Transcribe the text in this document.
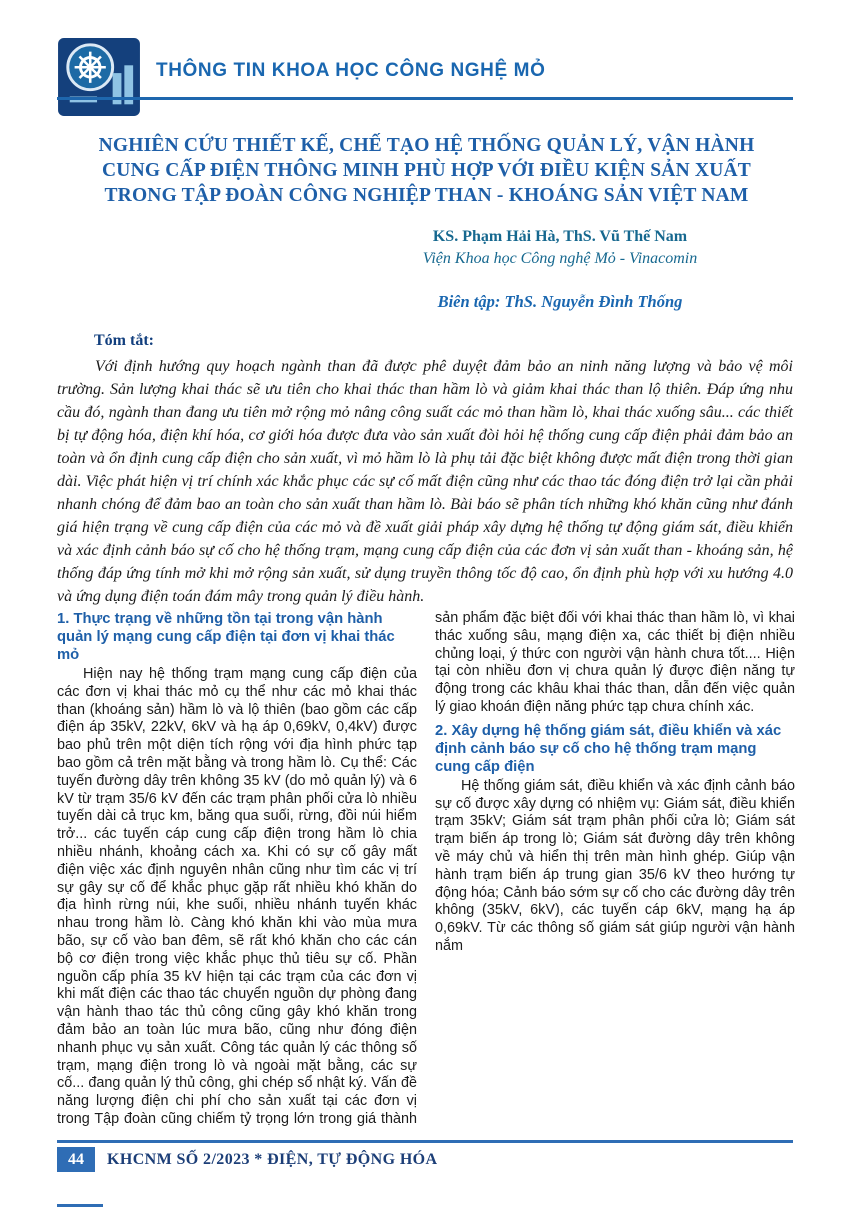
THÔNG TIN KHOA HỌC CÔNG NGHỆ MỎ
NGHIÊN CỨU THIẾT KẾ, CHẾ TẠO HỆ THỐNG QUẢN LÝ, VẬN HÀNH
CUNG CẤP ĐIỆN THÔNG MINH PHÙ HỢP VỚI ĐIỀU KIỆN SẢN XUẤT
TRONG TẬP ĐOÀN CÔNG NGHIỆP THAN - KHOÁNG SẢN VIỆT NAM
KS. Phạm Hải Hà, ThS. Vũ Thế Nam
Viện Khoa học Công nghệ Mỏ - Vinacomin
Biên tập: ThS. Nguyễn Đình Thống
Tóm tắt:

Với định hướng quy hoạch ngành than đã được phê duyệt đảm bảo an ninh năng lượng và bảo vệ môi trường. Sản lượng khai thác sẽ ưu tiên cho khai thác than hầm lò và giảm khai thác than lộ thiên. Đáp ứng nhu cầu đó, ngành than đang ưu tiên mở rộng mỏ nâng công suất các mỏ than hầm lò, khai thác xuống sâu... các thiết bị tự động hóa, điện khí hóa, cơ giới hóa được đưa vào sản xuất đòi hỏi hệ thống cung cấp điện phải đảm bảo an toàn và ổn định cung cấp điện cho sản xuất, vì mỏ hầm lò là phụ tải đặc biệt không được mất điện trong thời gian dài. Việc phát hiện vị trí chính xác khắc phục các sự cố mất điện cũng như các thao tác đóng điện trở lại cần phải nhanh chóng để đảm bao an toàn cho sản xuất than hầm lò. Bài báo sẽ phân tích những khó khăn cũng như đánh giá hiện trạng về cung cấp điện của các mỏ và đề xuất giải pháp xây dựng hệ thống tự động giám sát, điều khiển và xác định cảnh báo sự cố cho hệ thống trạm, mạng cung cấp điện của các đơn vị sản xuất than - khoáng sản, hệ thống đáp ứng tính mở khi mở rộng sản xuất, sử dụng truyền thông tốc độ cao, ổn định phù hợp với xu hướng 4.0 và ứng dụng điện toán đám mây trong quản lý điều hành.

1. Thực trạng về những tồn tại trong vận hành quản lý mạng cung cấp điện tại đơn vị khai thác mỏ

Hiện nay hệ thống trạm mạng cung cấp điện của các đơn vị khai thác mỏ cụ thể như các mỏ khai thác than (khoáng sản) hầm lò và lộ thiên (bao gồm các cấp điện áp 35kV, 22kV, 6kV và hạ áp 0,69kV, 0,4kV) được bao phủ trên một diện tích rộng với địa hình phức tạp bao gồm cả trên mặt bằng và trong hầm lò. Cụ thể: Các tuyến đường dây trên không 35 kV (do mỏ quản lý) và 6 kV từ trạm 35/6 kV đến các trạm phân phối cửa lò nhiều tuyến dài cả trục km, băng qua suối, rừng, đồi núi hiểm trở... các tuyến cáp cung cấp điện trong hầm lò chia nhiều nhánh, khoảng cách xa. Khi có sự cố gây mất điện việc xác định nguyên nhân cũng như tìm các vị trí sự gây sự cố để khắc phục gặp rất nhiều khó khăn do địa hình rừng núi, khe suối, nhiều nhánh tuyến khác nhau trong hầm lò. Càng khó khăn khi vào mùa mưa bão, sự cố vào ban đêm, sẽ rất khó khăn cho các cán bộ cơ điện trong việc khắc phục thủ tiêu sự cố. Phần nguồn cấp phía 35 kV hiện tại các trạm của các đơn vị khi mất điện các thao tác chuyển nguồn dự phòng đang vận hành thao tác thủ công cũng gây khó khăn trong đảm bảo an toàn lúc mưa bão, cũng như đóng điện nhanh phục vụ sản xuất. Công tác quản lý các thông số trạm, mạng điện trong lò và ngoài mặt bằng, các sự cố... đang quản lý thủ công, ghi chép sổ nhật ký. Vấn đề năng lượng điện chi phí cho sản xuất tại các đơn vị trong Tập đoàn cũng chiếm tỷ trọng lớn trong giá thành sản phẩm đặc biệt đối với khai thác than hầm lò, vì khai thác xuống sâu, mạng điện xa, các thiết bị điện nhiều chủng loại, ý thức con người vận hành chưa tốt.... Hiện tại còn nhiều đơn vị chưa quản lý được điện năng tự động trong các khâu khai thác than, dẫn đến việc quản lý giao khoán điện năng phức tạp chưa chính xác.

2. Xây dựng hệ thống giám sát, điều khiển và xác định cảnh báo sự cố cho hệ thống trạm mạng cung cấp điện

Hệ thống giám sát, điều khiển và xác định cảnh báo sự cố được xây dựng có nhiệm vụ: Giám sát, điều khiển trạm 35kV; Giám sát trạm phân phối cửa lò; Giám sát trạm biến áp trong lò; Giám sát đường dây trên không về máy chủ và hiển thị trên màn hình ghép. Giúp vận hành trạm biến áp trung gian 35/6 kV theo hướng tự động hóa; Cảnh báo sớm sự cố cho các đường dây trên không (35kV, 6kV), các tuyến cáp 6kV, mạng hạ áp 0,69kV. Từ các thông số giám sát giúp người vận hành nắm

44	KHCNM SỐ 2/2023 * ĐIỆN, TỰ ĐỘNG HÓA
